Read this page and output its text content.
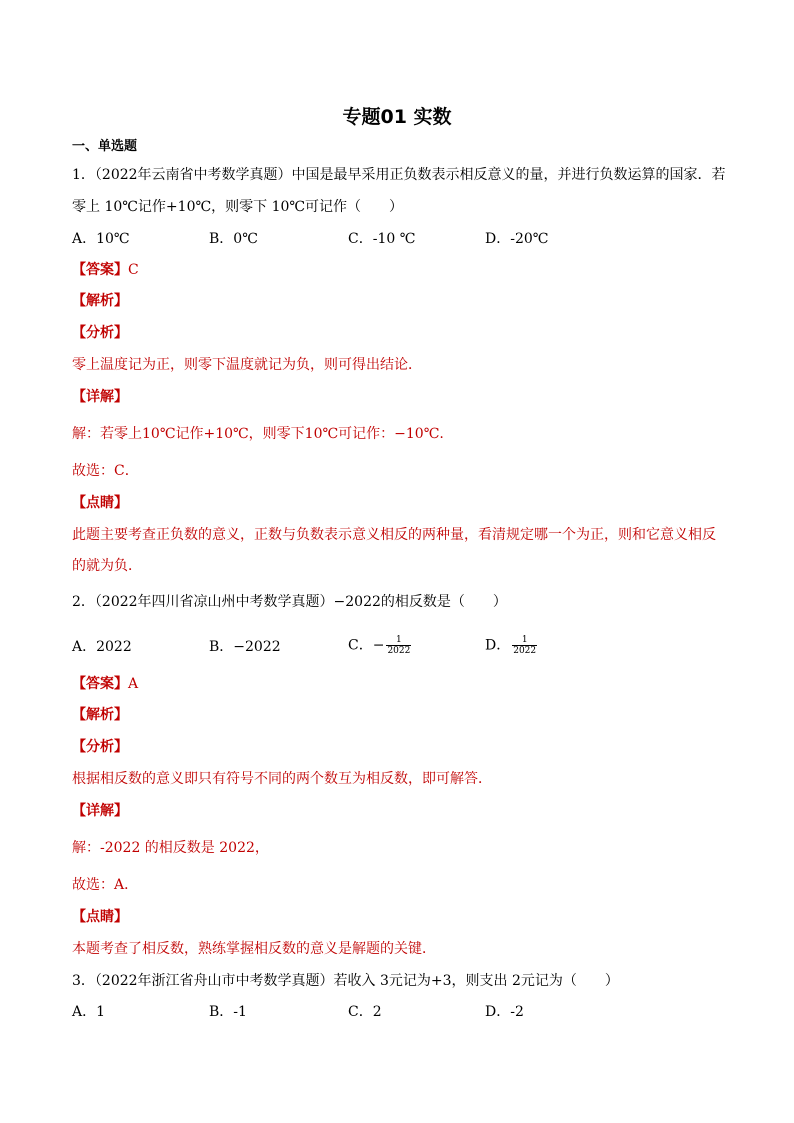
专题01 实数
一、单选题
1．（2022年云南省中考数学真题）中国是最早采用正负数表示相反意义的量，并进行负数运算的国家．若
零上 10℃记作+10℃，则零下 10℃可记作（　　）
A．10℃	B．0℃	C．-10 ℃	D．-20℃
【答案】C
【解析】
【分析】
零上温度记为正，则零下温度就记为负，则可得出结论．
【详解】
解：若零上10℃记作+10℃，则零下10℃可记作：−10℃.
故选：C．
【点睛】
此题主要考查正负数的意义，正数与负数表示意义相反的两种量，看清规定哪一个为正，则和它意义相反
的就为负．
2．（2022年四川省凉山州中考数学真题）−2022的相反数是（　　）
A．2022	B．−2022	C．− $\frac{1}{2022}$	D． $\frac{1}{2022}$
【答案】A
【解析】
【分析】
根据相反数的意义即只有符号不同的两个数互为相反数，即可解答．
【详解】
解：-2022 的相反数是 2022，
故选：A．
【点睛】
本题考查了相反数，熟练掌握相反数的意义是解题的关键．
3．（2022年浙江省舟山市中考数学真题）若收入 3元记为+3，则支出 2元记为（　　）
A．1	B．-1	C．2	D．-2
